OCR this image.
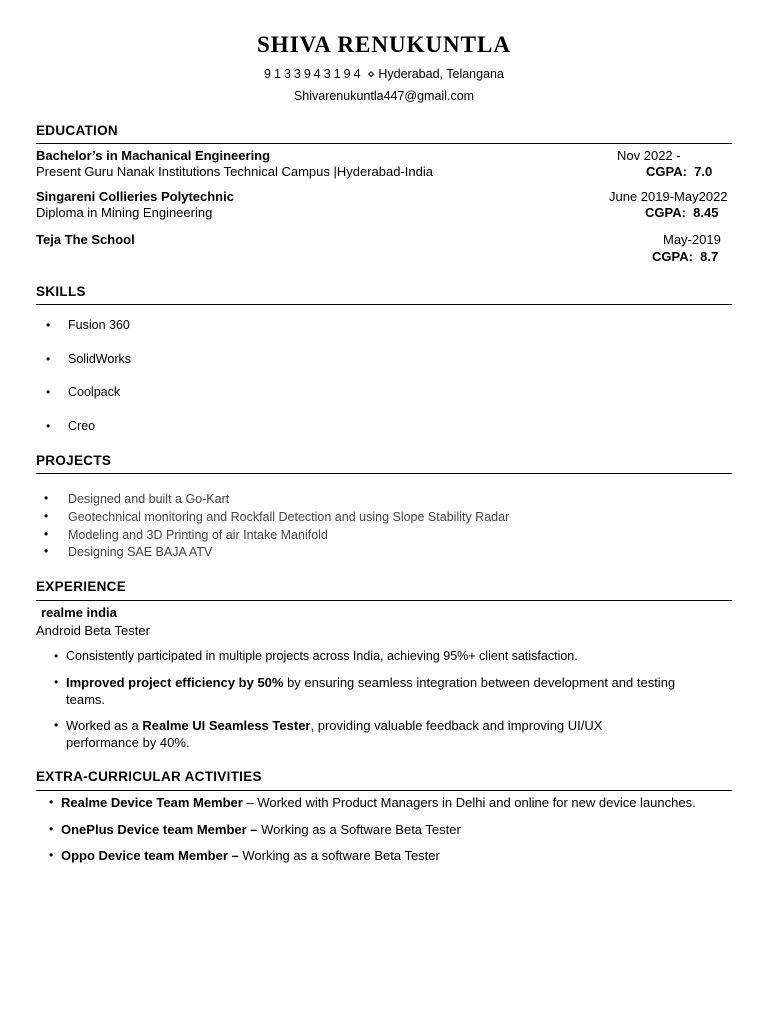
SHIVA RENUKUNTLA
9133943194 ⋄ Hyderabad, Telangana
Shivarenukuntla447@gmail.com
EDUCATION
Bachelor’s in Machanical Engineering	Nov 2022 -
Present Guru Nanak Institutions Technical Campus |Hyderabad-India	CGPA: 7.0
Singareni Collieries Polytechnic	June 2019-May2022
Diploma in Mining Engineering	CGPA: 8.45
Teja The School	May-2019
CGPA: 8.7
SKILLS
• Fusion 360
• SolidWorks
• Coolpack
• Creo
PROJECTS
• Designed and built a Go-Kart
• Geotechnical monitoring and Rockfall Detection and using Slope Stability Radar
• Modeling and 3D Printing of air Intake Manifold
• Designing SAE BAJA ATV
EXPERIENCE
realme india
Android Beta Tester
• Consistently participated in multiple projects across India, achieving 95%+ client satisfaction.
• Improved project efficiency by 50% by ensuring seamless integration between development and testing
teams.
• Worked as a Realme UI Seamless Tester, providing valuable feedback and improving UI/UX
performance by 40%.
EXTRA-CURRICULAR ACTIVITIES
• Realme Device Team Member – Worked with Product Managers in Delhi and online for new device launches.
• OnePlus Device team Member – Working as a Software Beta Tester
• Oppo Device team Member – Working as a software Beta Tester
